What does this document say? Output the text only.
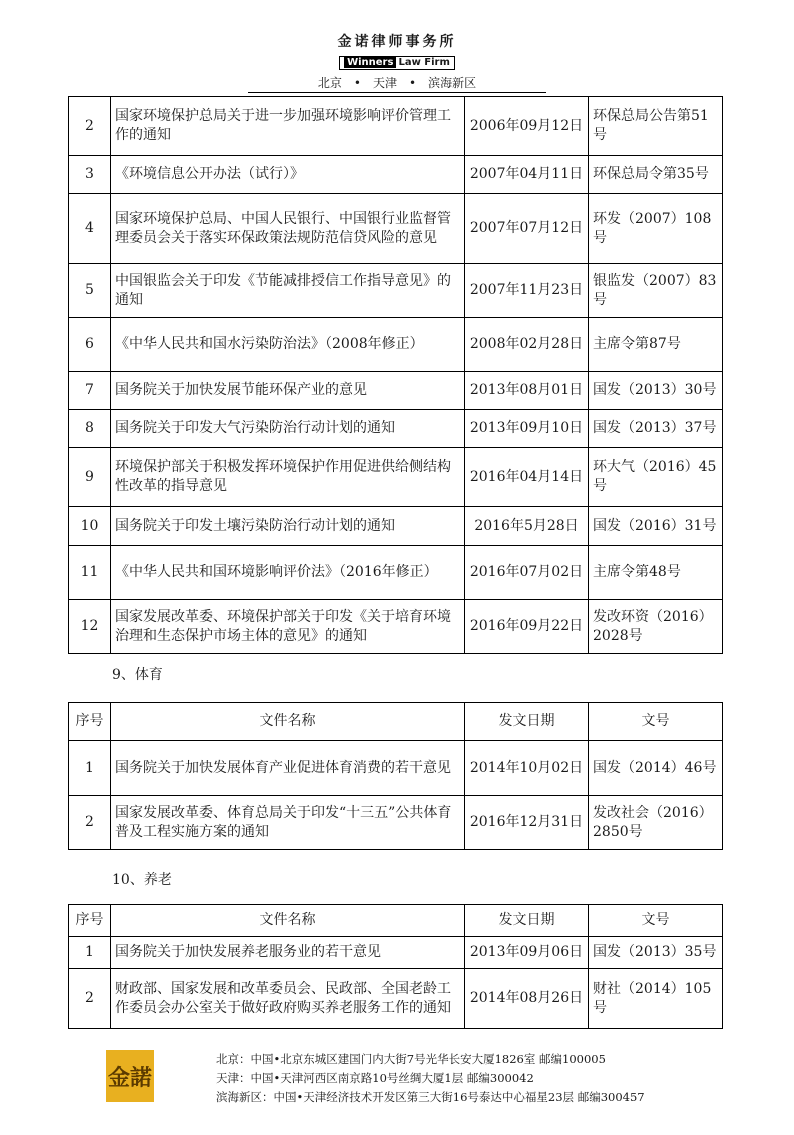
金诺律师事务所
Winners Law Firm
北京 • 天津 • 滨海新区
2	国家环境保护总局关于进一步加强环境影响评价管理工作的通知	2006年09月12日	环保总局公告第51号
3	《环境信息公开办法（试行）》	2007年04月11日	环保总局令第35号
4	国家环境保护总局、中国人民银行、中国银行业监督管理委员会关于落实环保政策法规防范信贷风险的意见	2007年07月12日	环发（2007）108号
5	中国银监会关于印发《节能减排授信工作指导意见》的通知	2007年11月23日	银监发（2007）83号
6	《中华人民共和国水污染防治法》（2008年修正）	2008年02月28日	主席令第87号
7	国务院关于加快发展节能环保产业的意见	2013年08月01日	国发（2013）30号
8	国务院关于印发大气污染防治行动计划的通知	2013年09月10日	国发（2013）37号
9	环境保护部关于积极发挥环境保护作用促进供给侧结构性改革的指导意见	2016年04月14日	环大气（2016）45号
10	国务院关于印发土壤污染防治行动计划的通知	2016年5月28日	国发（2016）31号
11	《中华人民共和国环境影响评价法》（2016年修正）	2016年07月02日	主席令第48号
12	国家发展改革委、环境保护部关于印发《关于培育环境治理和生态保护市场主体的意见》的通知	2016年09月22日	发改环资（2016）2028号
9、体育
序号	文件名称	发文日期	文号
1	国务院关于加快发展体育产业促进体育消费的若干意见	2014年10月02日	国发（2014）46号
2	国家发展改革委、体育总局关于印发“十三五”公共体育普及工程实施方案的通知	2016年12月31日	发改社会（2016）2850号
10、养老
序号	文件名称	发文日期	文号
1	国务院关于加快发展养老服务业的若干意见	2013年09月06日	国发（2013）35号
2	财政部、国家发展和改革委员会、民政部、全国老龄工作委员会办公室关于做好政府购买养老服务工作的通知	2014年08月26日	财社（2014）105号
金諾
北京：中国•北京东城区建国门内大街7号光华长安大厦1826室 邮编100005
天津：中国•天津河西区南京路10号丝绸大厦1层 邮编300042
滨海新区：中国•天津经济技术开发区第三大街16号泰达中心福星23层 邮编300457
